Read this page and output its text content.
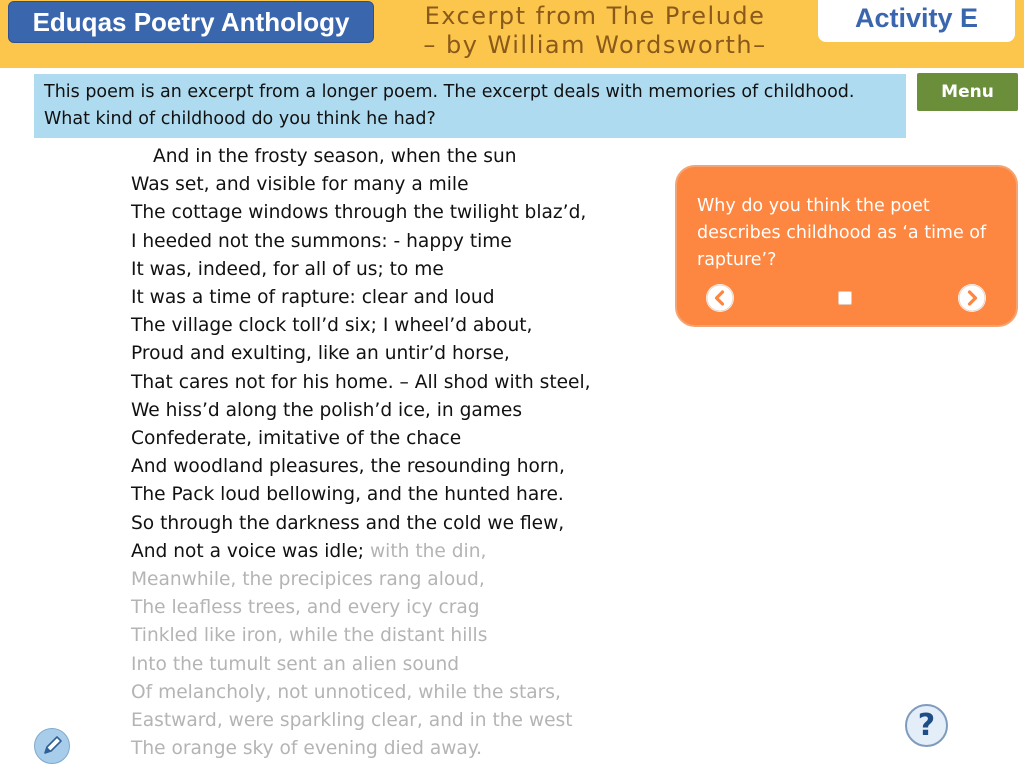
Eduqas Poetry Anthology	Excerpt from The Prelude
– by William Wordsworth–
Activity E
This poem is an excerpt from a longer poem. The excerpt deals with memories of childhood. What kind of childhood do you think he had?
Menu
And in the frosty season, when the sun
Was set, and visible for many a mile
The cottage windows through the twilight blaz’d,
I heeded not the summons: - happy time
It was, indeed, for all of us; to me
It was a time of rapture: clear and loud
The village clock toll’d six; I wheel’d about,
Proud and exulting, like an untir’d horse,
That cares not for his home. – All shod with steel,
We hiss’d along the polish’d ice, in games
Confederate, imitative of the chace
And woodland pleasures, the resounding horn,
The Pack loud bellowing, and the hunted hare.
So through the darkness and the cold we flew,
And not a voice was idle; with the din,
Meanwhile, the precipices rang aloud,
The leafless trees, and every icy crag
Tinkled like iron, while the distant hills
Into the tumult sent an alien sound
Of melancholy, not unnoticed, while the stars,
Eastward, were sparkling clear, and in the west
The orange sky of evening died away.
Why do you think the poet describes childhood as ‘a time of rapture’?
?
